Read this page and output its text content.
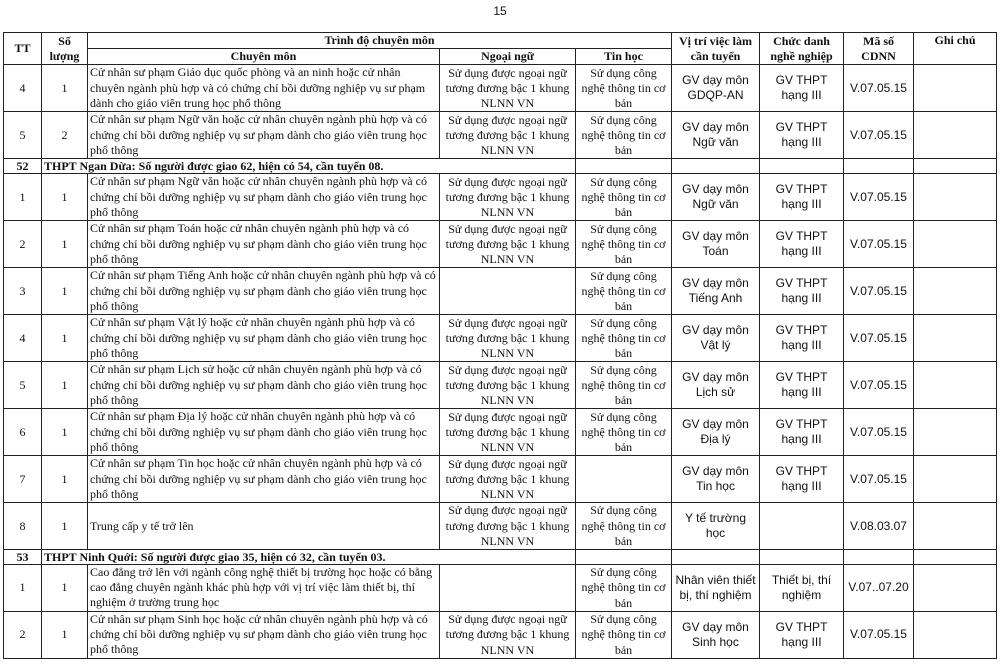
15
TT	Số lượng	Trình độ chuyên môn			Vị trí việc làm cần tuyển	Chức danh nghề nghiệp	Mã số CDNN	Ghi chú
		Chuyên môn	Ngoại ngữ	Tin học				
4	1	Cử nhân sư phạm Giáo dục quốc phòng và an ninh hoặc cử nhân chuyên ngành phù hợp và có chứng chỉ bồi dưỡng nghiệp vụ sư phạm dành cho giáo viên trung học phổ thông	Sử dụng được ngoại ngữ tương đương bậc 1 khung NLNN VN	Sử dụng công nghệ thông tin cơ bản	GV dạy môn GDQP-AN	GV THPT hạng III	V.07.05.15	
5	2	Cử nhân sư phạm Ngữ văn hoặc cử nhân chuyên ngành phù hợp và có chứng chỉ bồi dưỡng nghiệp vụ sư phạm dành cho giáo viên trung học phổ thông	Sử dụng được ngoại ngữ tương đương bậc 1 khung NLNN VN	Sử dụng công nghệ thông tin cơ bản	GV dạy môn Ngữ văn	GV THPT hạng III	V.07.05.15	
52	THPT Ngan Dừa: Số người được giao 62, hiện có 54, cần tuyển 08.							
1	1	Cử nhân sư phạm Ngữ văn hoặc cử nhân chuyên ngành phù hợp và có chứng chỉ bồi dưỡng nghiệp vụ sư phạm dành cho giáo viên trung học phổ thông	Sử dụng được ngoại ngữ tương đương bậc 1 khung NLNN VN	Sử dụng công nghệ thông tin cơ bản	GV dạy môn Ngữ văn	GV THPT hạng III	V.07.05.15	
2	1	Cử nhân sư phạm Toán hoặc cử nhân chuyên ngành phù hợp và có chứng chỉ bồi dưỡng nghiệp vụ sư phạm dành cho giáo viên trung học phổ thông	Sử dụng được ngoại ngữ tương đương bậc 1 khung NLNN VN	Sử dụng công nghệ thông tin cơ bản	GV dạy môn Toán	GV THPT hạng III	V.07.05.15	
3	1	Cử nhân sư phạm Tiếng Anh hoặc cử nhân chuyên ngành phù hợp và có chứng chỉ bồi dưỡng nghiệp vụ sư phạm dành cho giáo viên trung học phổ thông		Sử dụng công nghệ thông tin cơ bản	GV dạy môn Tiếng Anh	GV THPT hạng III	V.07.05.15	
4	1	Cử nhân sư phạm Vật lý hoặc cử nhân chuyên ngành phù hợp và có chứng chỉ bồi dưỡng nghiệp vụ sư phạm dành cho giáo viên trung học phổ thông	Sử dụng được ngoại ngữ tương đương bậc 1 khung NLNN VN	Sử dụng công nghệ thông tin cơ bản	GV dạy môn Vật lý	GV THPT hạng III	V.07.05.15	
5	1	Cử nhân sư phạm Lịch sử hoặc cử nhân chuyên ngành phù hợp và có chứng chỉ bồi dưỡng nghiệp vụ sư phạm dành cho giáo viên trung học phổ thông	Sử dụng được ngoại ngữ tương đương bậc 1 khung NLNN VN	Sử dụng công nghệ thông tin cơ bản	GV dạy môn Lịch sử	GV THPT hạng III	V.07.05.15	
6	1	Cử nhân sư phạm Địa lý hoặc cử nhân chuyên ngành phù hợp và có chứng chỉ bồi dưỡng nghiệp vụ sư phạm dành cho giáo viên trung học phổ thông	Sử dụng được ngoại ngữ tương đương bậc 1 khung NLNN VN	Sử dụng công nghệ thông tin cơ bản	GV dạy môn Địa lý	GV THPT hạng III	V.07.05.15	
7	1	Cử nhân sư phạm Tin học hoặc cử nhân chuyên ngành phù hợp và có chứng chỉ bồi dưỡng nghiệp vụ sư phạm dành cho giáo viên trung học phổ thông	Sử dụng được ngoại ngữ tương đương bậc 1 khung NLNN VN		GV dạy môn Tin học	GV THPT hạng III	V.07.05.15	
8	1	Trung cấp y tế trở lên	Sử dụng được ngoại ngữ tương đương bậc 1 khung NLNN VN	Sử dụng công nghệ thông tin cơ bản	Y tế trường học		V.08.03.07	
53	THPT Ninh Quới: Số người được giao 35, hiện có 32, cần tuyển 03.							
1	1	Cao đẳng trở lên với ngành công nghệ thiết bị trường học hoặc có bằng cao đẳng chuyên ngành khác phù hợp với vị trí việc làm thiết bị, thí nghiệm ở trường trung học		Sử dụng công nghệ thông tin cơ bản	Nhân viên thiết bị, thí nghiệm	Thiết bị, thí nghiệm	V.07..07.20	
2	1	Cử nhân sư phạm Sinh học hoặc cử nhân chuyên ngành phù hợp và có chứng chỉ bồi dưỡng nghiệp vụ sư phạm dành cho giáo viên trung học phổ thông	Sử dụng được ngoại ngữ tương đương bậc 1 khung NLNN VN	Sử dụng công nghệ thông tin cơ bản	GV dạy môn Sinh học	GV THPT hạng III	V.07.05.15	
